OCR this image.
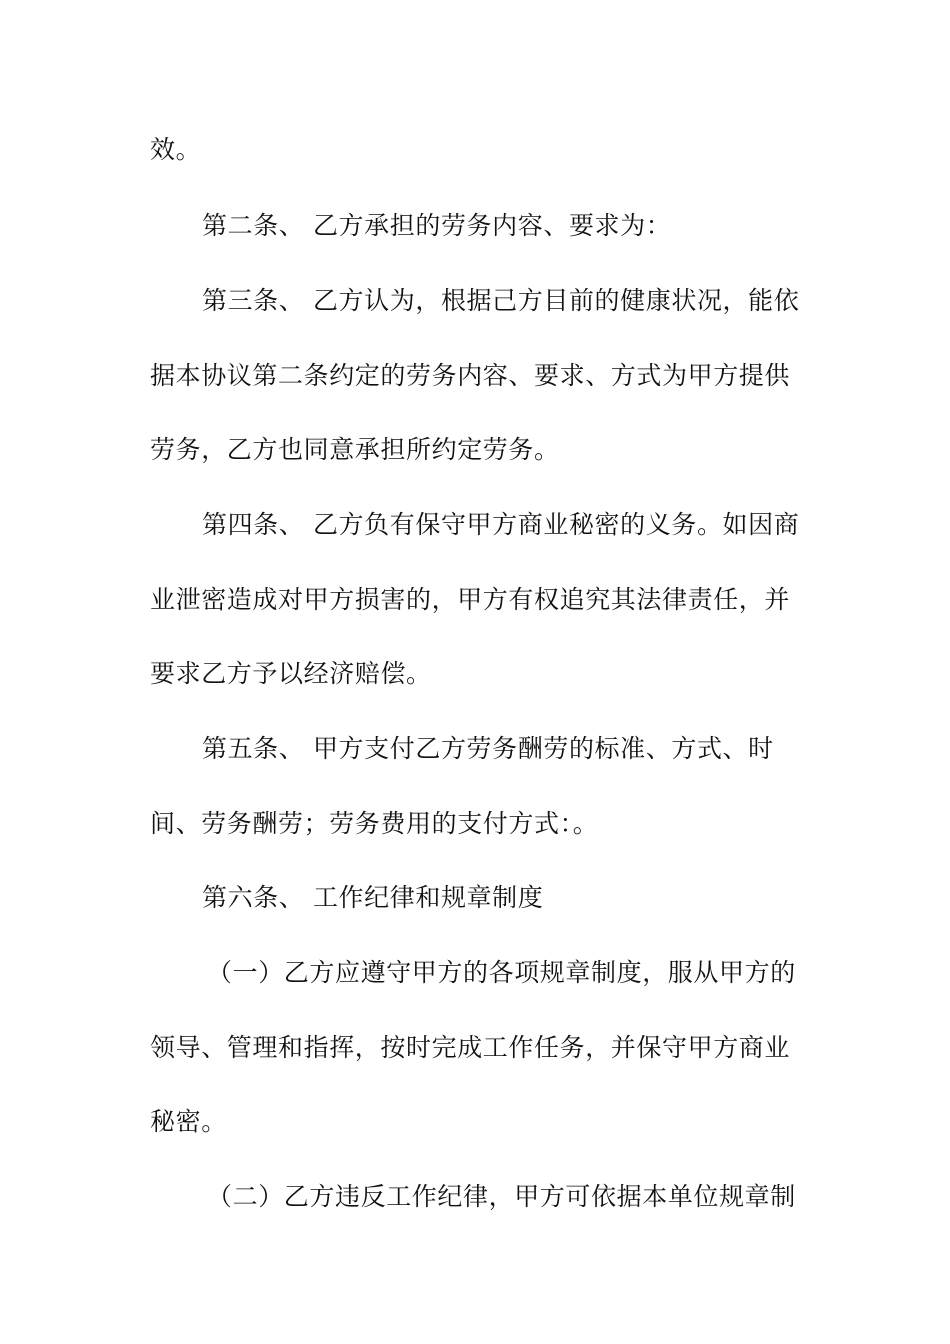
效。
第二条、 乙方承担的劳务内容、要求为：
第三条、 乙方认为，根据己方目前的健康状况，能依
据本协议第二条约定的劳务内容、要求、方式为甲方提供
劳务，乙方也同意承担所约定劳务。
第四条、 乙方负有保守甲方商业秘密的义务。如因商
业泄密造成对甲方损害的，甲方有权追究其法律责任，并
要求乙方予以经济赔偿。
第五条、 甲方支付乙方劳务酬劳的标准、方式、时
间、劳务酬劳；劳务费用的支付方式：。
第六条、 工作纪律和规章制度
（一）乙方应遵守甲方的各项规章制度，服从甲方的
领导、管理和指挥，按时完成工作任务，并保守甲方商业
秘密。
（二）乙方违反工作纪律，甲方可依据本单位规章制
